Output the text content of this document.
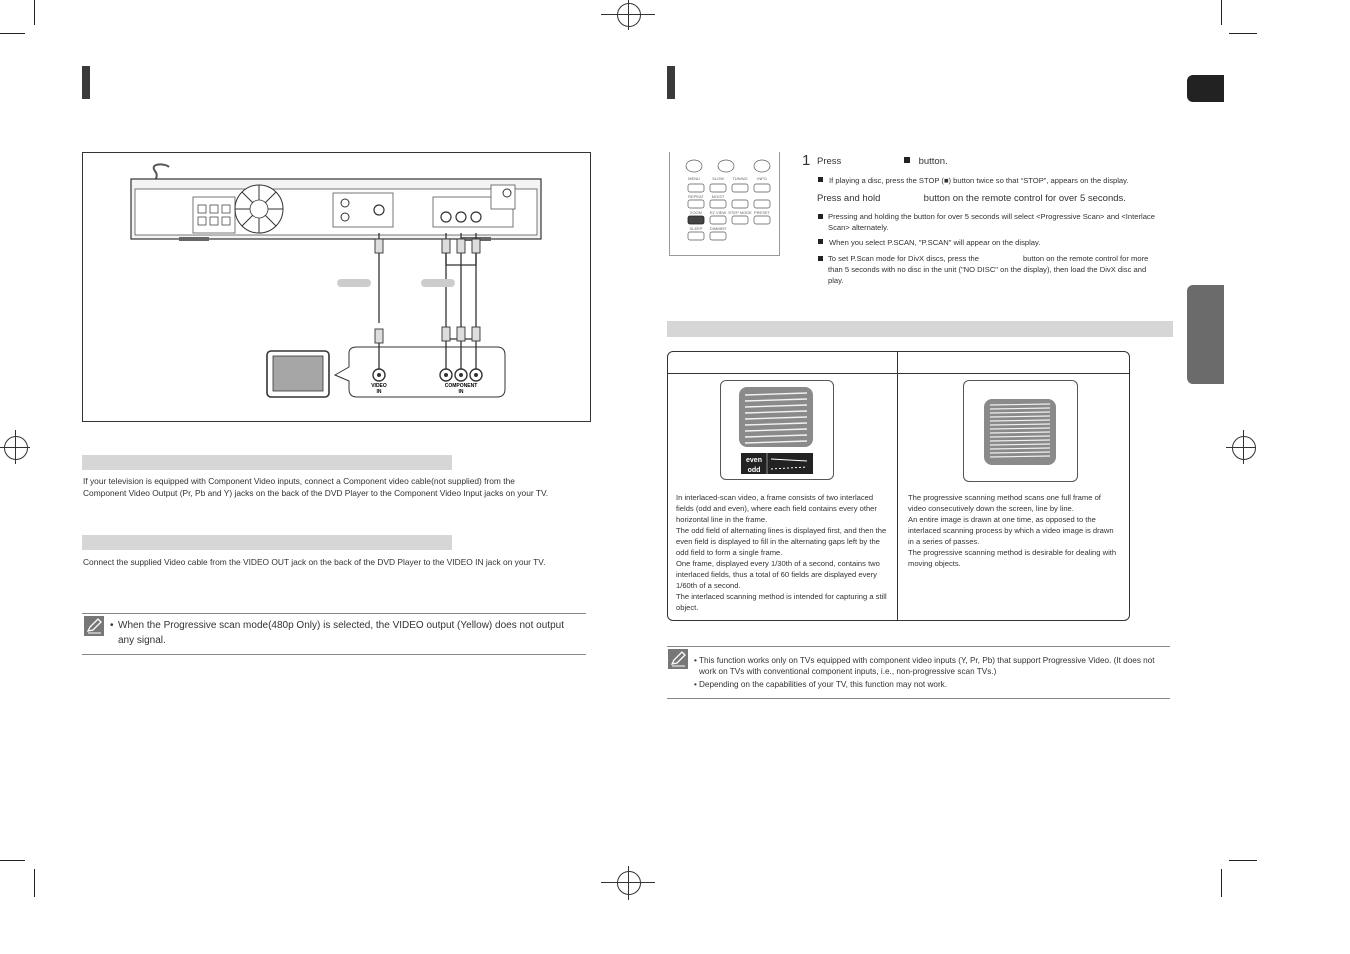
VIDEO
IN
COMPONENT
IN
If your television is equipped with Component Video inputs, connect a Component video cable(not supplied) from the Component Video Output (Pr, Pb and Y) jacks on the back of the DVD Player to the Component Video Input jacks on your TV.
Connect the supplied Video cable from the VIDEO OUT jack on the back of the DVD Player to the VIDEO IN jack on your TV.
• When the Progressive scan mode(480p Only) is selected, the VIDEO output (Yellow) does not output any signal.
MENU	SLOW TUNING INFO
REPEAT MO/ST
ZOOM EZ VIEW STEP MODE PRESET
SLEEP DIMMER
1 Press	button.
If playing a disc, press the STOP (■) button twice so that “STOP”, appears on the display.
Press and hold	button on the remote control for over 5 seconds.
Pressing and holding the button for over 5 seconds will select <Progressive Scan> and <Interlace Scan> alternately.
When you select P.SCAN, "P.SCAN" will appear on the display.
To set P.Scan mode for DivX discs, press the	button on the remote control for more than 5 seconds with no disc in the unit ("NO DISC" on the display), then load the DivX disc and play.
even
odd
In interlaced-scan video, a frame consists of two interlaced fields (odd and even), where each field contains every other horizontal line in the frame.
The odd field of alternating lines is displayed first, and then the even field is displayed to fill in the alternating gaps left by the odd field to form a single frame.
One frame, displayed every 1/30th of a second, contains two interlaced fields, thus a total of 60 fields are displayed every 1/60th of a second.
The interlaced scanning method is intended for capturing a still object.
The progressive scanning method scans one full frame of video consecutively down the screen, line by line.
An entire image is drawn at one time, as opposed to the interlaced scanning process by which a video image is drawn in a series of passes.
The progressive scanning method is desirable for dealing with moving objects.
• This function works only on TVs equipped with component video inputs (Y, Pr, Pb) that support Progressive Video. (It does not work on TVs with conventional component inputs, i.e., non-progressive scan TVs.)
• Depending on the capabilities of your TV, this function may not work.
